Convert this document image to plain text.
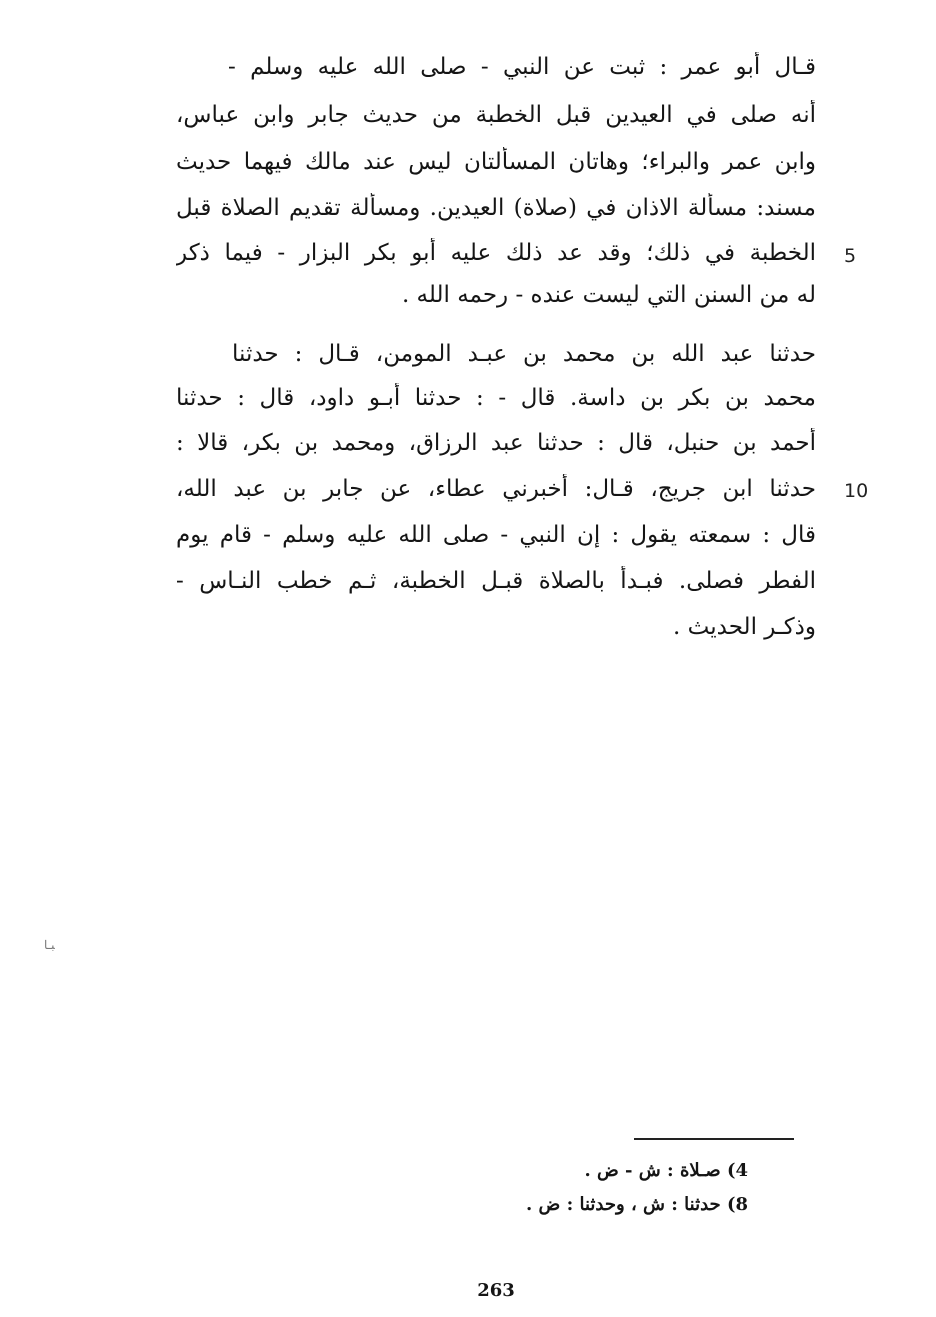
قـال أبو عمر : ثبت عن النبي - صلى الله عليه وسلم -
أنه صلى في العيدين قبل الخطبة من حديث جابر وابن عباس،
وابن عمر والبراء؛ وهاتان المسألتان ليس عند مالك فيهما حديث
مسند: مسألة الاذان في (صلاة) العيدين. ومسألة تقديم الصلاة قبل
الخطبة في ذلك؛ وقد عد ذلك عليه أبو بكر البزار - فيما ذكر
له من السنن التي ليست عنده - رحمه الله .
حدثنا عبد الله بن محمد بن عبـد المومن، قـال : حدثنا
محمد بن بكر بن داسة. قال - : حدثنا أبـو داود، قال : حدثنا
أحمد بن حنبل، قال : حدثنا عبد الرزاق، ومحمد بن بكر، قالا :
حدثنا ابن جريج، قـال: أخبرني عطاء، عن جابر بن عبد الله،
قال : سمعته يقول : إن النبي - صلى الله عليه وسلم - قام يوم
الفطر فصلى. فبـدأ بالصلاة قبـل الخطبة، ثـم خطب النـاس -
وذكـر الحديث .
5
10
ﺒـﺎ
4) صـلاة : ش - ض .
8) حدثنا : ش ، وحدثنا : ض .
263
